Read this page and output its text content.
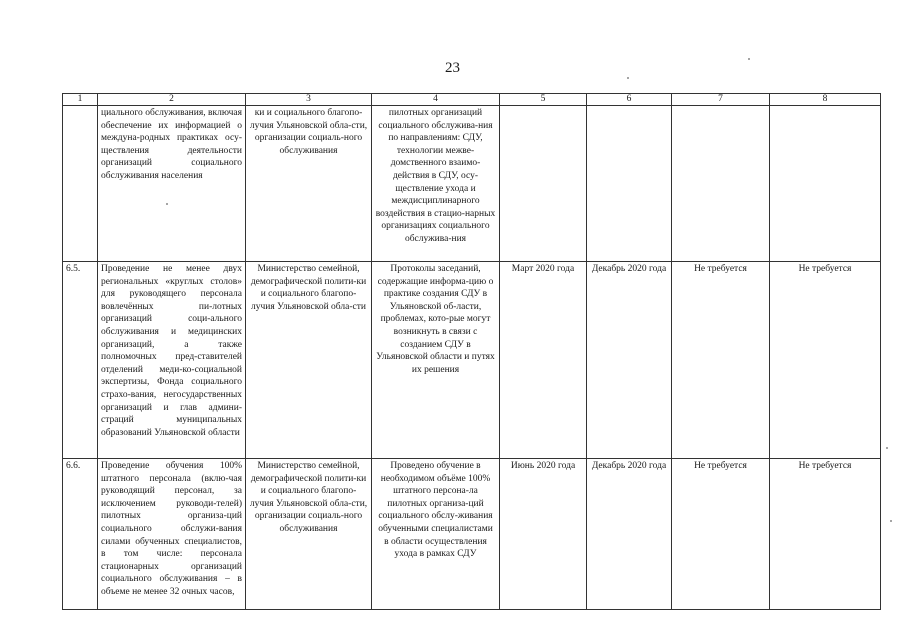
23
1	2	3	4	5	6	7	8
	циального обслуживания, включая обеспечение их информацией о междуна-родных практиках осу-ществления деятельности организаций социального обслуживания населения	ки и социального благопо-лучия Ульяновской обла-сти, организации социаль-ного обслуживания	пилотных организаций социального обслужива-ния по направлениям: СДУ, технологии межве-домственного взаимо-действия в СДУ, осу-ществление ухода и междисциплинарного воздействия в стацио-нарных организациях социального обслужива-ния				
6.5.	Проведение не менее двух региональных «круглых столов» для руководящего персонала вовлечённых пи-лотных организаций соци-ального обслуживания и медицинских организаций, а также полномочных пред-ставителей отделений меди-ко-социальной экспертизы, Фонда социального страхо-вания, негосударственных организаций и глав админи-страций муниципальных образований Ульяновской области	Министерство семейной, демографической полити-ки и социального благопо-лучия Ульяновской обла-сти	Протоколы заседаний, содержащие информа-цию о практике создания СДУ в Ульяновской об-ласти, проблемах, кото-рые могут возникнуть в связи с созданием СДУ в Ульяновской области и путях их решения	Март 2020 года	Декабрь 2020 года	Не требуется	Не требуется
6.6.	Проведение обучения 100% штатного персонала (вклю-чая руководящий персонал, за исключением руководи-телей) пилотных организа-ций социального обслужи-вания силами обученных специалистов, в том числе: персонала стационарных организаций социального обслуживания – в объеме не менее 32 очных часов,	Министерство семейной, демографической полити-ки и социального благопо-лучия Ульяновской обла-сти, организации социаль-ного обслуживания	Проведено обучение в необходимом объёме 100% штатного персона-ла пилотных организа-ций социального обслу-живания обученными специалистами в области осуществления ухода в рамках СДУ	Июнь 2020 года	Декабрь 2020 года	Не требуется	Не требуется
